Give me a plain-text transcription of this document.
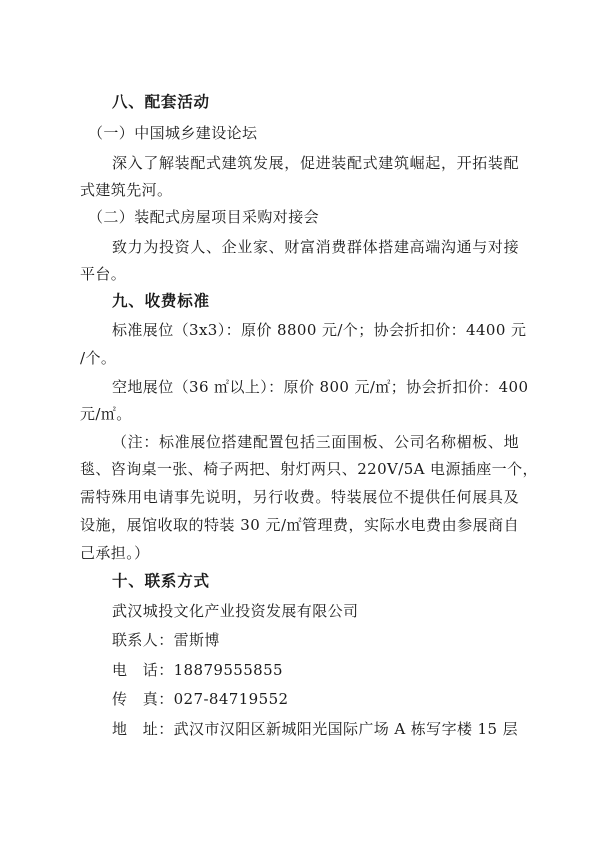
八、配套活动
（一）中国城乡建设论坛
深入了解装配式建筑发展，促进装配式建筑崛起，开拓装配
式建筑先河。
（二）装配式房屋项目采购对接会
致力为投资人、企业家、财富消费群体搭建高端沟通与对接
平台。
九、收费标准
标准展位（3x3）：原价 8800 元/个；协会折扣价：4400 元
/个。
空地展位（36 ㎡以上）：原价 800 元/㎡；协会折扣价：400
元/㎡。
（注：标准展位搭建配置包括三面围板、公司名称楣板、地
毯、咨询桌一张、椅子两把、射灯两只、220V/5A 电源插座一个，
需特殊用电请事先说明，另行收费。特装展位不提供任何展具及
设施，展馆收取的特装 30 元/㎡管理费，实际水电费由参展商自
己承担。）
十、联系方式
武汉城投文化产业投资发展有限公司
联系人：雷斯博
电　话：18879555855
传　真：027-84719552
地　址：武汉市汉阳区新城阳光国际广场 A 栋写字楼 15 层
